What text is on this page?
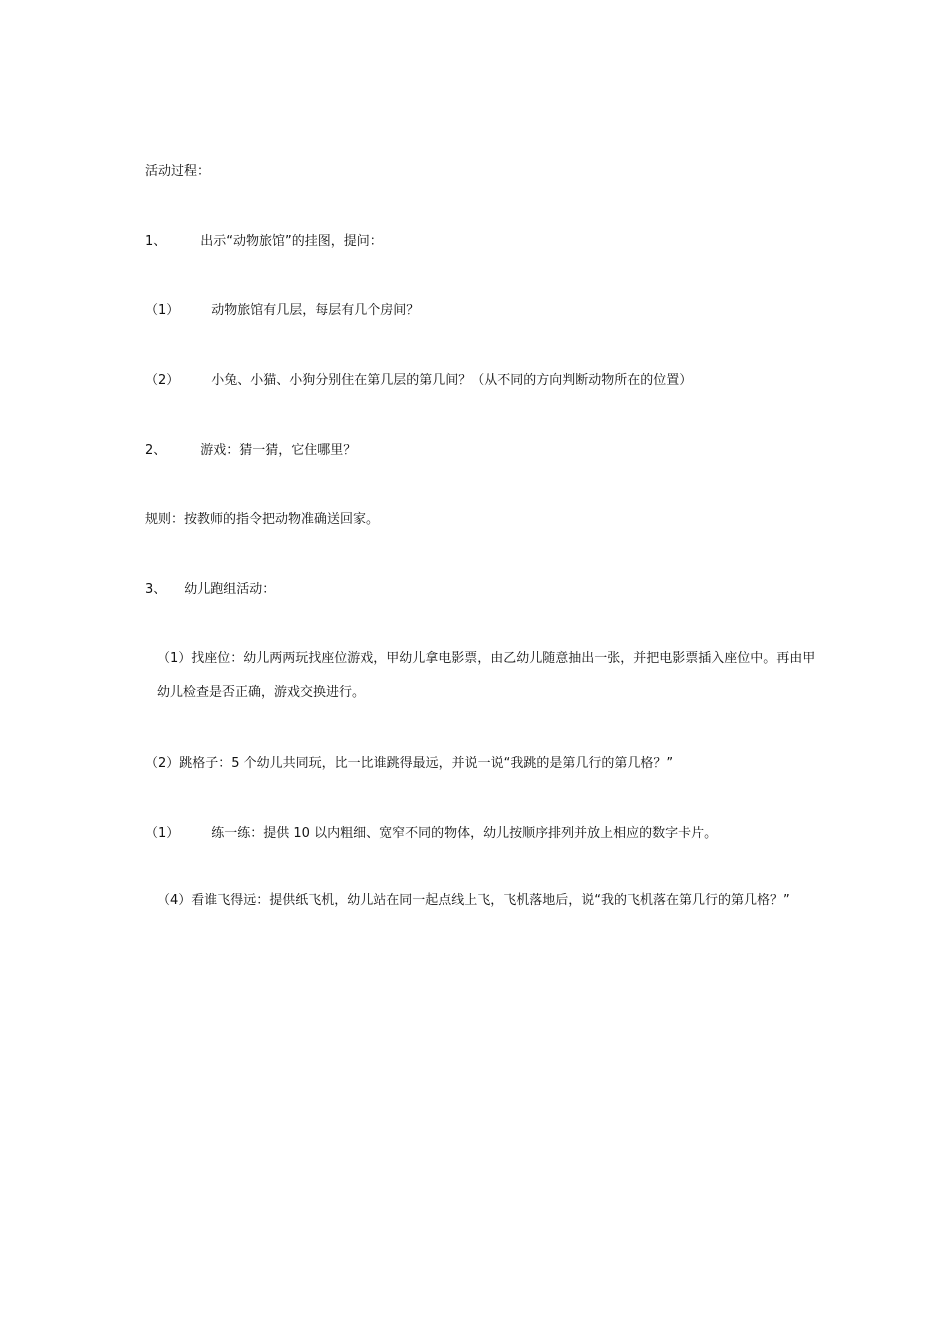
活动过程：
1、	出示“动物旅馆”的挂图，提问：
（1） 动物旅馆有几层，每层有几个房间？
（2） 小兔、小猫、小狗分别住在第几层的第几间？（从不同的方向判断动物所在的位置）
2、	游戏：猜一猜，它住哪里？
规则：按教师的指令把动物准确送回家。
3、 幼儿跑组活动：
（1）找座位：幼儿两两玩找座位游戏，甲幼儿拿电影票，由乙幼儿随意抽出一张，并把电影票插入座位中。再由甲幼儿检查是否正确，游戏交换进行。
（2）跳格子：5 个幼儿共同玩，比一比谁跳得最远，并说一说“我跳的是第几行的第几格？”
（1） 练一练：提供 10 以内粗细、宽窄不同的物体，幼儿按顺序排列并放上相应的数字卡片。
（4）看谁飞得远：提供纸飞机，幼儿站在同一起点线上飞，飞机落地后，说“我的飞机落在第几行的第几格？”
